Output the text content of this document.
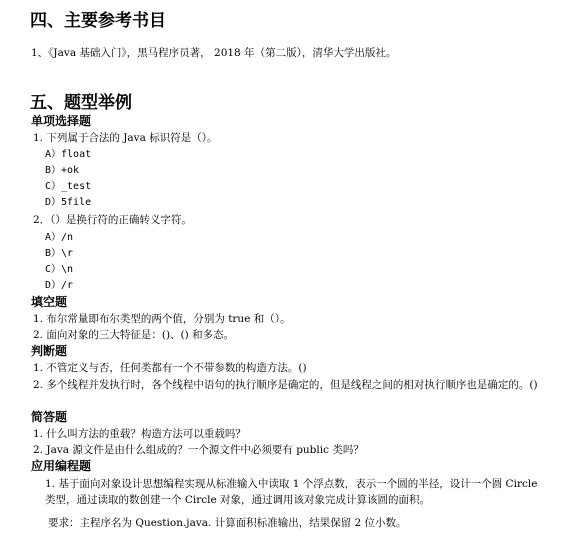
四、主要参考书目
1、《Java 基础入门》，黑马程序员著， 2018 年（第二版），清华大学出版社。
五、题型举例
单项选择题
1. 下列属于合法的 Java 标识符是（）。
A）float
B）+ok
C）_test
D）5file
2．（）是换行符的正确转义字符。
A）/n
B）\r
C）\n
D）/r
填空题
1. 布尔常量即布尔类型的两个值，分别为 true 和（）。
2. 面向对象的三大特征是：()、() 和多态。
判断题
1. 不管定义与否，任何类都有一个不带参数的构造方法。()
2. 多个线程并发执行时，各个线程中语句的执行顺序是确定的，但是线程之间的相对执行顺序也是确定的。()
简答题
1. 什么叫方法的重载？构造方法可以重载吗？
2. Java 源文件是由什么组成的？一个源文件中必须要有 public 类吗？
应用编程题
1. 基于面向对象设计思想编程实现从标准输入中读取 1 个浮点数，表示一个圆的半径，设计一个圆 Circle 类型，通过读取的数创建一个 Circle 对象，通过调用该对象完成计算该圆的面积。
要求：主程序名为 Question.java. 计算面积标准输出，结果保留 2 位小数。
